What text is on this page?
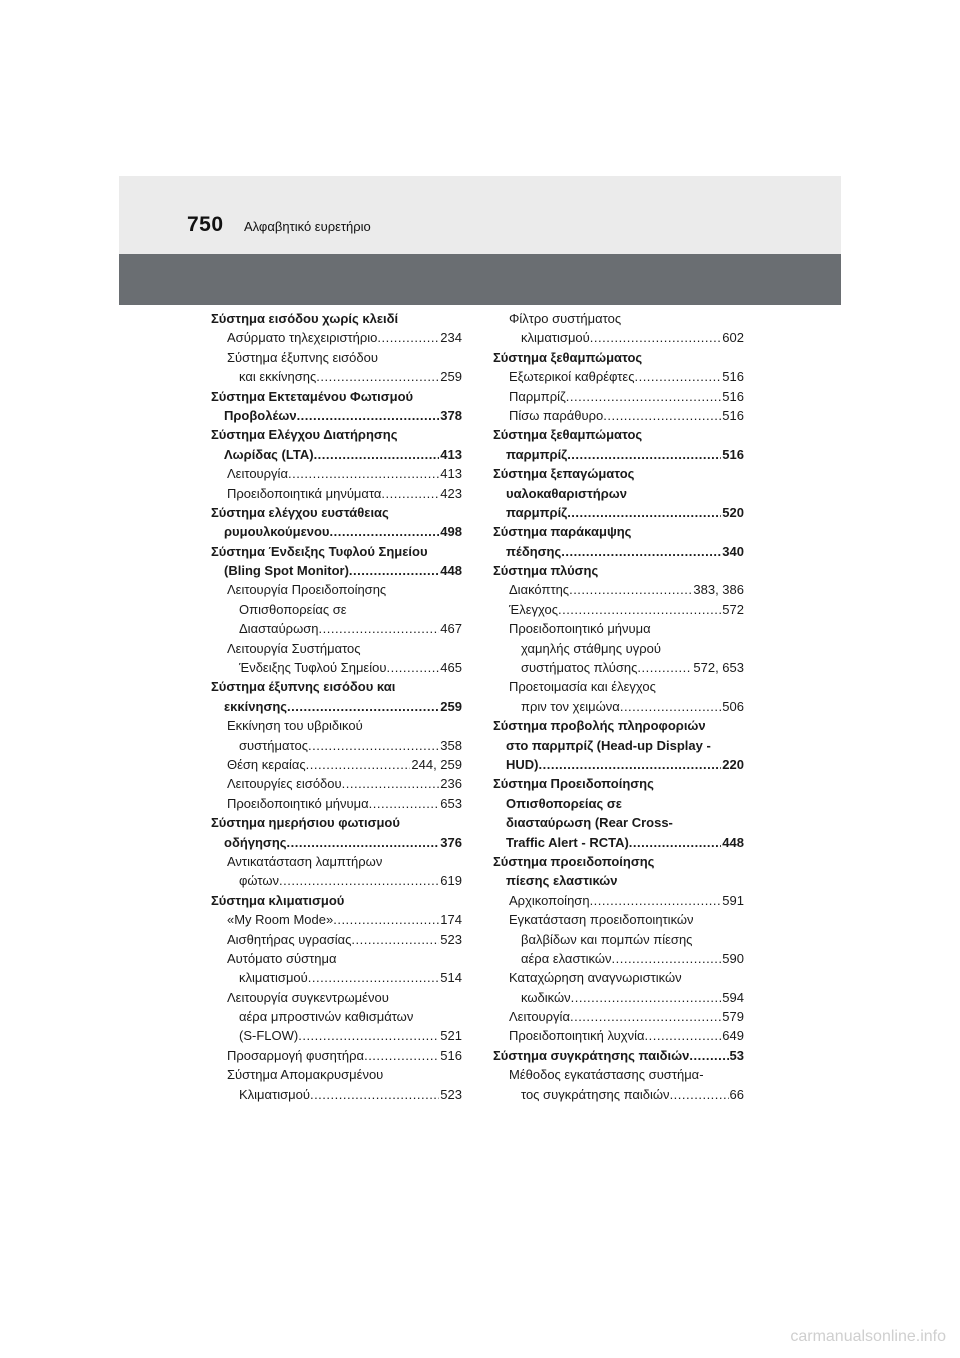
750 Αλφαβητικό ευρετήριο
Σύστημα εισόδου χωρίς κλειδί
Ασύρματο τηλεχειριστήριο .....	234
Σύστημα έξυπνης εισόδου
και εκκίνησης .....	259
Σύστημα Εκτεταμένου Φωτισμού
Προβολέων .....	378
Σύστημα Ελέγχου Διατήρησης
Λωρίδας (LTA) .....	413
Λειτουργία .....	413
Προειδοποιητικά μηνύματα .....	423
Σύστημα ελέγχου ευστάθειας
ρυμουλκούμενου .....	498
Σύστημα Ένδειξης Τυφλού Σημείου
(Bling Spot Monitor) .....	448
Λειτουργία Προειδοποίησης
Οπισθοπορείας σε
Διασταύρωση .....	467
Λειτουργία Συστήματος
Ένδειξης Τυφλού Σημείου .....	465
Σύστημα έξυπνης εισόδου και
εκκίνησης .....	259
Εκκίνηση του υβριδικού
συστήματος .....	358
Θέση κεραίας .....	244, 259
Λειτουργίες εισόδου .....	236
Προειδοποιητικό μήνυμα .....	653
Σύστημα ημερήσιου φωτισμού
οδήγησης .....	376
Αντικατάσταση λαμπτήρων
φώτων .....	619
Σύστημα κλιματισμού
«My Room Mode» .....	174
Αισθητήρας υγρασίας .....	523
Αυτόματο σύστημα
κλιματισμού .....	514
Λειτουργία συγκεντρωμένου
αέρα μπροστινών καθισμάτων
(S-FLOW) .....	521
Προσαρμογή φυσητήρα .....	516
Σύστημα Απομακρυσμένου
Κλιματισμού .....	523
Φίλτρο συστήματος
κλιματισμού .....	602
Σύστημα ξεθαμπώματος
Εξωτερικοί καθρέφτες .....	516
Παρμπρίζ .....	516
Πίσω παράθυρο .....	516
Σύστημα ξεθαμπώματος
παρμπρίζ .....	516
Σύστημα ξεπαγώματος
υαλοκαθαριστήρων
παρμπρίζ .....	520
Σύστημα παράκαμψης
πέδησης .....	340
Σύστημα πλύσης
Διακόπτης .....	383, 386
Έλεγχος .....	572
Προειδοποιητικό μήνυμα
χαμηλής στάθμης υγρού
συστήματος πλύσης .....	572, 653
Προετοιμασία και έλεγχος
πριν τον χειμώνα .....	506
Σύστημα προβολής πληροφοριών
στο παρμπρίζ (Head-up Display -
HUD) .....	220
Σύστημα Προειδοποίησης
Οπισθοπορείας σε
διασταύρωση (Rear Cross-
Traffic Alert - RCTA) .....	448
Σύστημα προειδοποίησης
πίεσης ελαστικών
Αρχικοποίηση .....	591
Εγκατάσταση προειδοποιητικών
βαλβίδων και πομπών πίεσης
αέρα ελαστικών .....	590
Καταχώρηση αναγνωριστικών
κωδικών .....	594
Λειτουργία .....	579
Προειδοποιητική λυχνία .....	649
Σύστημα συγκράτησης παιδιών .....	53
Μέθοδος εγκατάστασης συστήμα-
τος συγκράτησης παιδιών .....	66
carmanualsonline.info
